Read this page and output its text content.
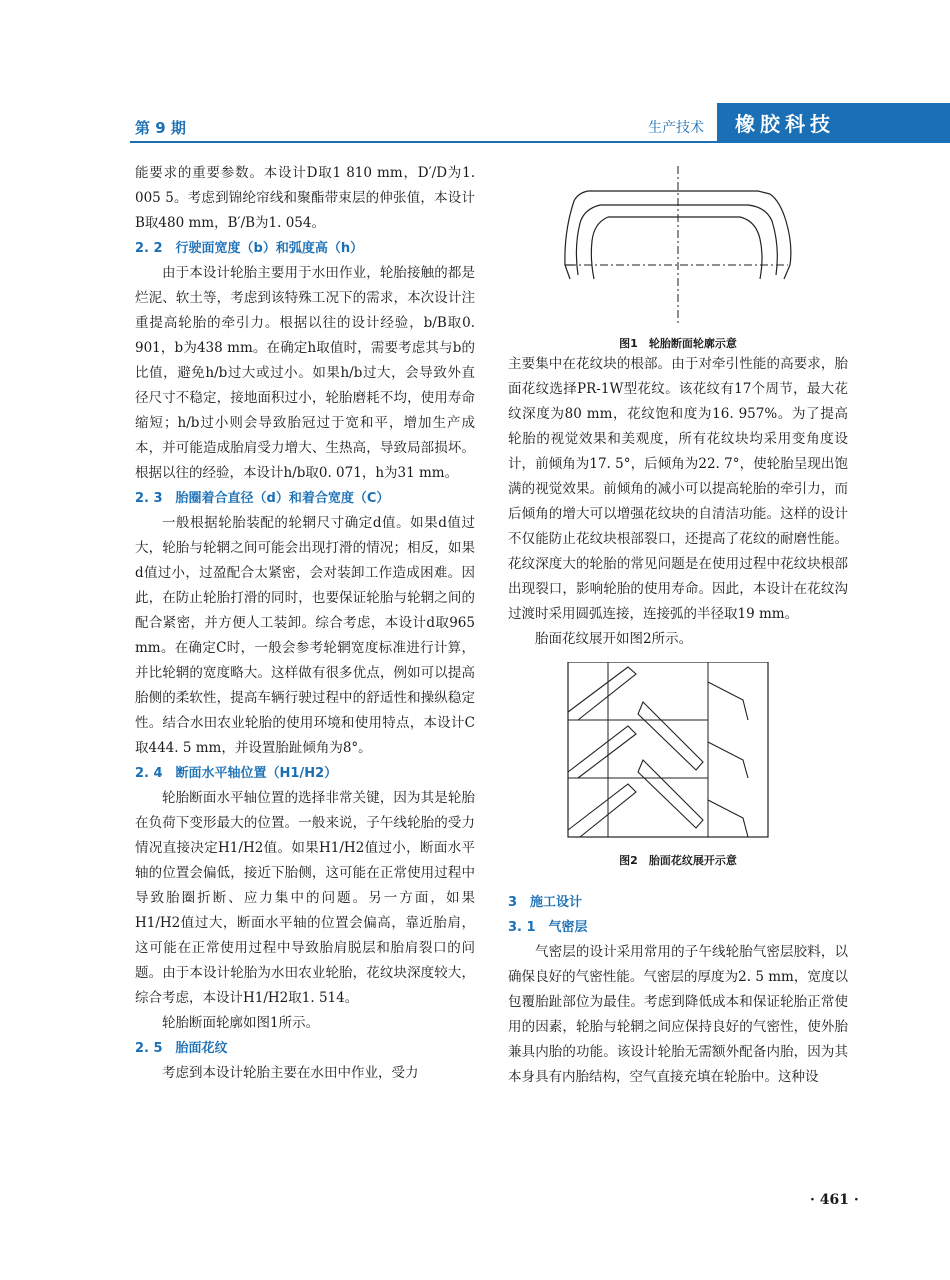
第 9 期	生产技术 橡胶科技

能要求的重要参数。本设计D取1 810 mm，D′/D为1. 005 5。考虑到锦纶帘线和聚酯带束层的伸张值，本设计B取480 mm，B′/B为1. 054。

2. 2　行驶面宽度（b）和弧度高（h）

由于本设计轮胎主要用于水田作业，轮胎接触的都是烂泥、软土等，考虑到该特殊工况下的需求，本次设计注重提高轮胎的牵引力。根据以往的设计经验，b/B取0. 901，b为438 mm。在确定h取值时，需要考虑其与b的比值，避免h/b过大或过小。如果h/b过大，会导致外直径尺寸不稳定，接地面积过小，轮胎磨耗不均，使用寿命缩短；h/b过小则会导致胎冠过于宽和平，增加生产成本，并可能造成胎肩受力增大、生热高，导致局部损坏。根据以往的经验，本设计h/b取0. 071，h为31 mm。

2. 3　胎圈着合直径（d）和着合宽度（C）

一般根据轮胎装配的轮辋尺寸确定d值。如果d值过大，轮胎与轮辋之间可能会出现打滑的情况；相反，如果d值过小，过盈配合太紧密，会对装卸工作造成困难。因此，在防止轮胎打滑的同时，也要保证轮胎与轮辋之间的配合紧密，并方便人工装卸。综合考虑，本设计d取965 mm。在确定C时，一般会参考轮辋宽度标准进行计算，并比轮辋的宽度略大。这样做有很多优点，例如可以提高胎侧的柔软性，提高车辆行驶过程中的舒适性和操纵稳定性。结合水田农业轮胎的使用环境和使用特点，本设计C取444. 5 mm，并设置胎趾倾角为8°。

2. 4　断面水平轴位置（H1/H2）

轮胎断面水平轴位置的选择非常关键，因为其是轮胎在负荷下变形最大的位置。一般来说，子午线轮胎的受力情况直接决定H1/H2值。如果H1/H2值过小，断面水平轴的位置会偏低，接近下胎侧，这可能在正常使用过程中导致胎圈折断、应力集中的问题。另一方面，如果H1/H2值过大，断面水平轴的位置会偏高，靠近胎肩，这可能在正常使用过程中导致胎肩脱层和胎肩裂口的问题。由于本设计轮胎为水田农业轮胎，花纹块深度较大，综合考虑，本设计H1/H2取1. 514。

轮胎断面轮廓如图1所示。

2. 5　胎面花纹

考虑到本设计轮胎主要在水田中作业，受力

图1　轮胎断面轮廓示意

主要集中在花纹块的根部。由于对牵引性能的高要求，胎面花纹选择PR-1W型花纹。该花纹有17个周节，最大花纹深度为80 mm，花纹饱和度为16. 957%。为了提高轮胎的视觉效果和美观度，所有花纹块均采用变角度设计，前倾角为17. 5°，后倾角为22. 7°，使轮胎呈现出饱满的视觉效果。前倾角的减小可以提高轮胎的牵引力，而后倾角的增大可以增强花纹块的自清洁功能。这样的设计不仅能防止花纹块根部裂口，还提高了花纹的耐磨性能。花纹深度大的轮胎的常见问题是在使用过程中花纹块根部出现裂口，影响轮胎的使用寿命。因此，本设计在花纹沟过渡时采用圆弧连接，连接弧的半径取19 mm。

胎面花纹展开如图2所示。

图2　胎面花纹展开示意

3　施工设计

3. 1　气密层

气密层的设计采用常用的子午线轮胎气密层胶料，以确保良好的气密性能。气密层的厚度为2. 5 mm，宽度以包覆胎趾部位为最佳。考虑到降低成本和保证轮胎正常使用的因素，轮胎与轮辋之间应保持良好的气密性，使外胎兼具内胎的功能。该设计轮胎无需额外配备内胎，因为其本身具有内胎结构，空气直接充填在轮胎中。这种设

· 461 ·
